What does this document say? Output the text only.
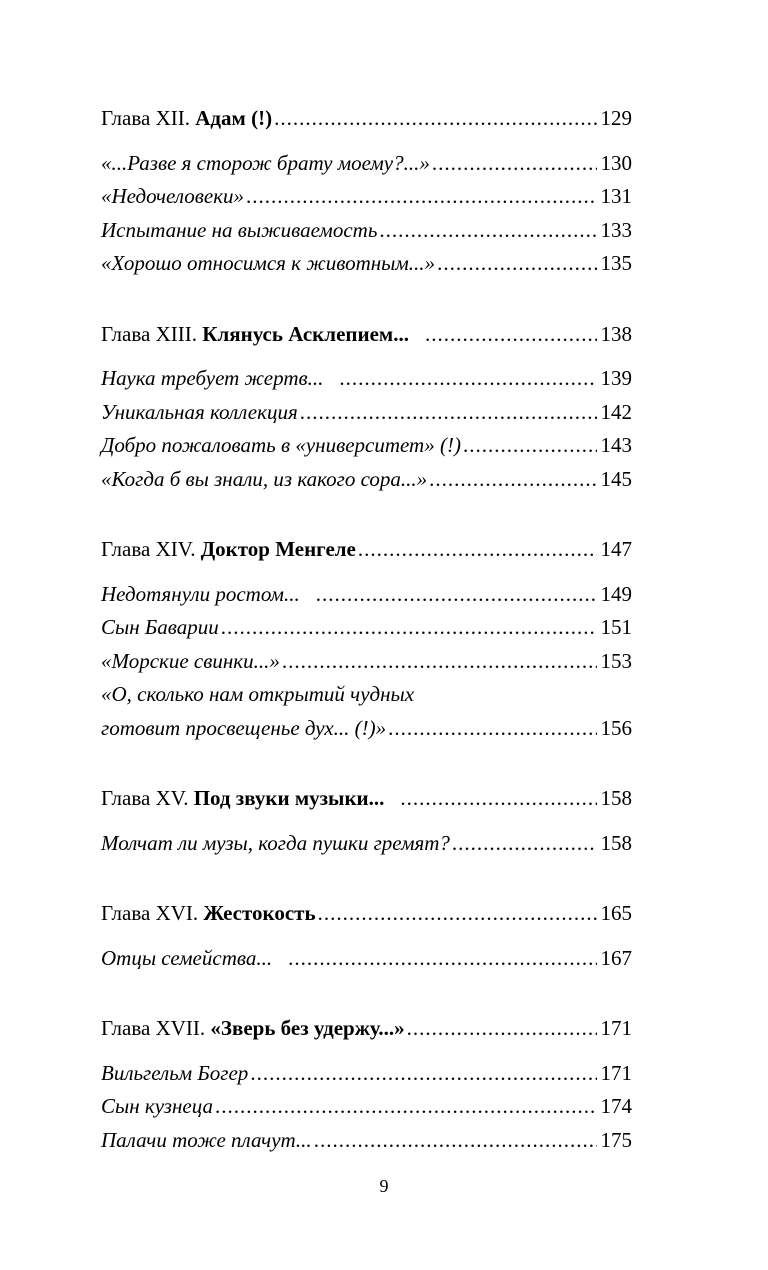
Глава XII. Адам (!) .....	129
«...Разве я сторож брату моему?...» .....	130
«Недочеловеки» .....	131
Испытание на выживаемость .....	133
«Хорошо относимся к животным...» .....	135
Глава XIII. Клянусь Асклепием... .....	138
Наука требует жертв... .....	139
Уникальная коллекция .....	142
Добро пожаловать в «университет» (!) .....	143
«Когда б вы знали, из какого сора...» .....	145
Глава XIV. Доктор Менгеле .....	147
Недотянули ростом... .....	149
Сын Баварии .....	151
«Морские свинки...» .....	153
«О, сколько нам открытий чудных
готовит просвещенье дух... (!)» .....	156
Глава XV. Под звуки музыки... .....	158
Молчат ли музы, когда пушки гремят? .....	158
Глава XVI. Жестокость .....	165
Отцы семейства... .....	167
Глава XVII. «Зверь без удержу...» .....	171
Вильгельм Богер .....	171
Сын кузнеца .....	174
Палачи тоже плачут... .....	175
9
